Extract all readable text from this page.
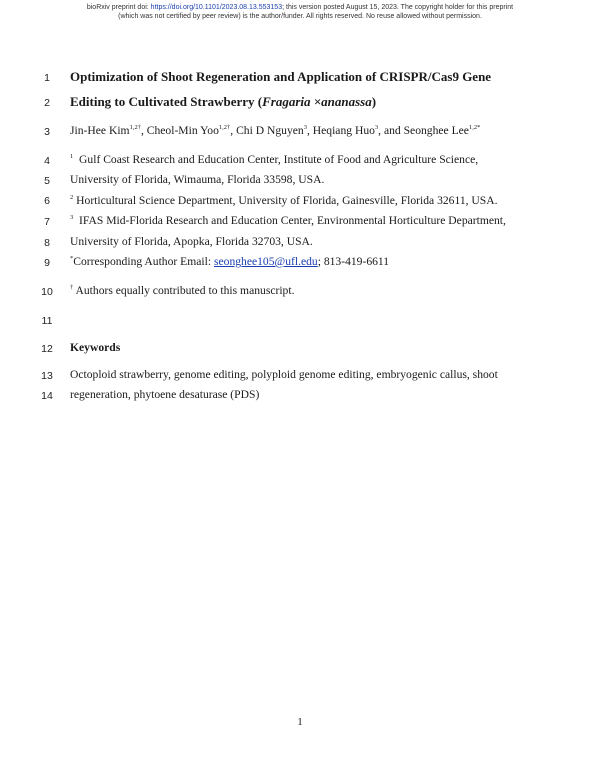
bioRxiv preprint doi: https://doi.org/10.1101/2023.08.13.553153; this version posted August 15, 2023. The copyright holder for this preprint
(which was not certified by peer review) is the author/funder. All rights reserved. No reuse allowed without permission.
1
2
3
4
5
6
7
8
9
10
11
12
13
14
Optimization of Shoot Regeneration and Application of CRISPR/Cas9 Gene
Editing to Cultivated Strawberry (Fragaria ×ananassa)
Jin-Hee Kim$^{1,2\dagger}$, Cheol-Min Yoo$^{1,2\dagger}$, Chi D Nguyen$^3$, Heqiang Huo$^3$, and Seonghee Lee$^{1,2*}$
$^1$ Gulf Coast Research and Education Center, Institute of Food and Agriculture Science,
University of Florida, Wimauma, Florida 33598, USA.
$^2$ Horticultural Science Department, University of Florida, Gainesville, Florida 32611, USA.
$^3$ IFAS Mid-Florida Research and Education Center, Environmental Horticulture Department,
University of Florida, Apopka, Florida 32703, USA.
*Corresponding Author Email: seonghee105@ufl.edu; 813-419-6611
† Authors equally contributed to this manuscript.
Keywords
Octoploid strawberry, genome editing, polyploid genome editing, embryogenic callus, shoot
regeneration, phytoene desaturase (PDS)
1
